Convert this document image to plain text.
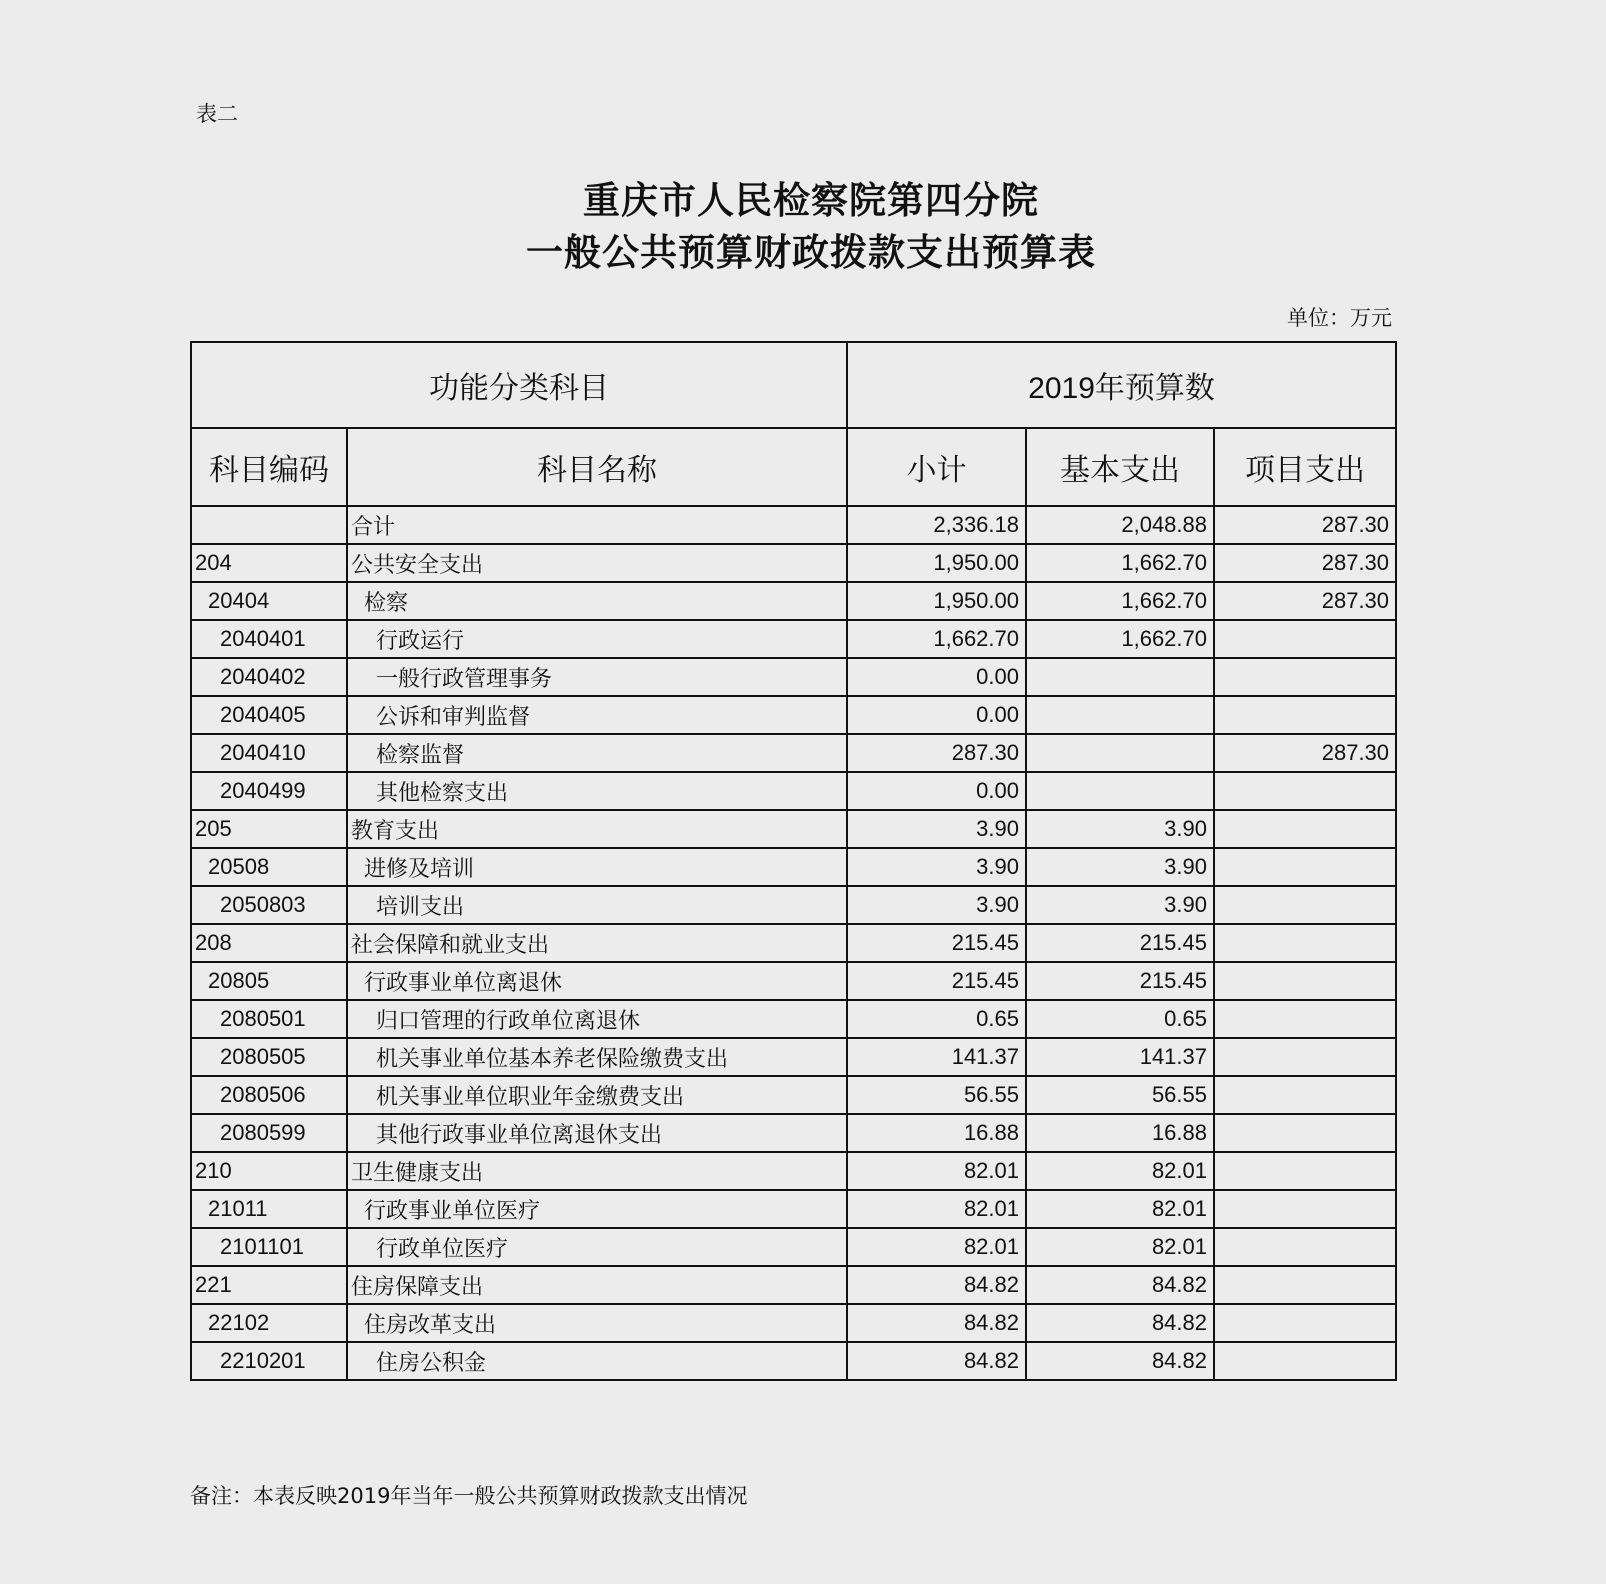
表二
重庆市人民检察院第四分院
一般公共预算财政拨款支出预算表
单位：万元
功能分类科目		2019年预算数		
科目编码	科目名称	小计	基本支出	项目支出
	合计	2,336.18	2,048.88	287.30
204	公共安全支出	1,950.00	1,662.70	287.30
20404	检察	1,950.00	1,662.70	287.30
2040401	行政运行	1,662.70	1,662.70	
2040402	一般行政管理事务	0.00		
2040405	公诉和审判监督	0.00		
2040410	检察监督	287.30		287.30
2040499	其他检察支出	0.00		
205	教育支出	3.90	3.90	
20508	进修及培训	3.90	3.90	
2050803	培训支出	3.90	3.90	
208	社会保障和就业支出	215.45	215.45	
20805	行政事业单位离退休	215.45	215.45	
2080501	归口管理的行政单位离退休	0.65	0.65	
2080505	机关事业单位基本养老保险缴费支出	141.37	141.37	
2080506	机关事业单位职业年金缴费支出	56.55	56.55	
2080599	其他行政事业单位离退休支出	16.88	16.88	
210	卫生健康支出	82.01	82.01	
21011	行政事业单位医疗	82.01	82.01	
2101101	行政单位医疗	82.01	82.01	
221	住房保障支出	84.82	84.82	
22102	住房改革支出	84.82	84.82	
2210201	住房公积金	84.82	84.82	
备注：本表反映2019年当年一般公共预算财政拨款支出情况
